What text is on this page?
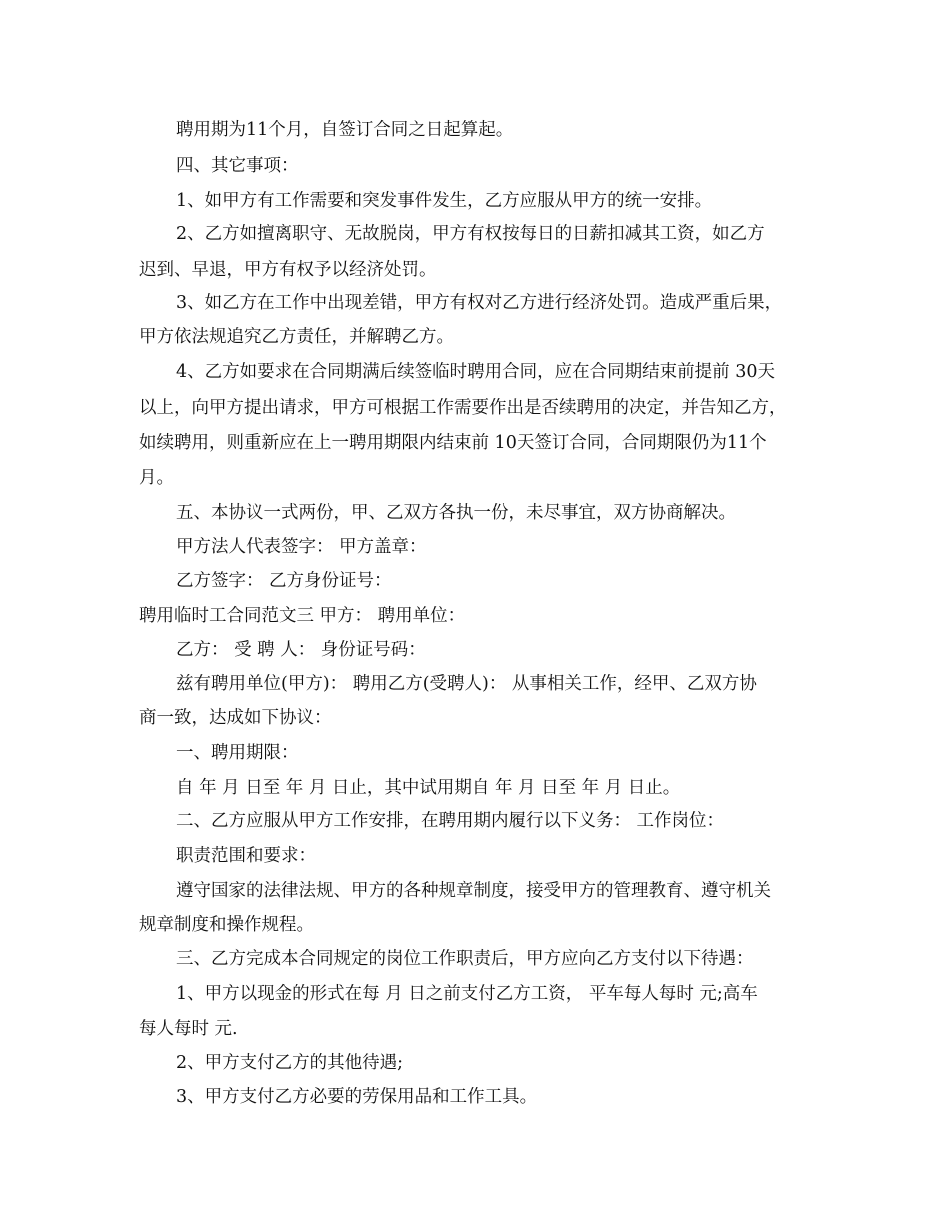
聘用期为11个月，自签订合同之日起算起。
四、其它事项：
1、如甲方有工作需要和突发事件发生，乙方应服从甲方的统一安排。
2、乙方如擅离职守、无故脱岗，甲方有权按每日的日薪扣减其工资，如乙方
迟到、早退，甲方有权予以经济处罚。
3、如乙方在工作中出现差错，甲方有权对乙方进行经济处罚。造成严重后果，
甲方依法规追究乙方责任，并解聘乙方。
4、乙方如要求在合同期满后续签临时聘用合同，应在合同期结束前提前 30天
以上，向甲方提出请求，甲方可根据工作需要作出是否续聘用的决定，并告知乙方，
如续聘用，则重新应在上一聘用期限内结束前 10天签订合同，合同期限仍为11个
月。
五、本协议一式两份，甲、乙双方各执一份，未尽事宜，双方协商解决。
甲方法人代表签字： 甲方盖章：
乙方签字： 乙方身份证号：
聘用临时工合同范文三 甲方： 聘用单位：
乙方： 受 聘 人： 身份证号码：
兹有聘用单位(甲方)： 聘用乙方(受聘人)： 从事相关工作，经甲、乙双方协
商一致，达成如下协议：
一、聘用期限：
自 年 月 日至 年 月 日止，其中试用期自 年 月 日至 年 月 日止。
二、乙方应服从甲方工作安排，在聘用期内履行以下义务： 工作岗位：
职责范围和要求：
遵守国家的法律法规、甲方的各种规章制度，接受甲方的管理教育、遵守机关
规章制度和操作规程。
三、乙方完成本合同规定的岗位工作职责后，甲方应向乙方支付以下待遇：
1、甲方以现金的形式在每 月 日之前支付乙方工资， 平车每人每时 元;高车
每人每时 元.
2、甲方支付乙方的其他待遇;
3、甲方支付乙方必要的劳保用品和工作工具。
